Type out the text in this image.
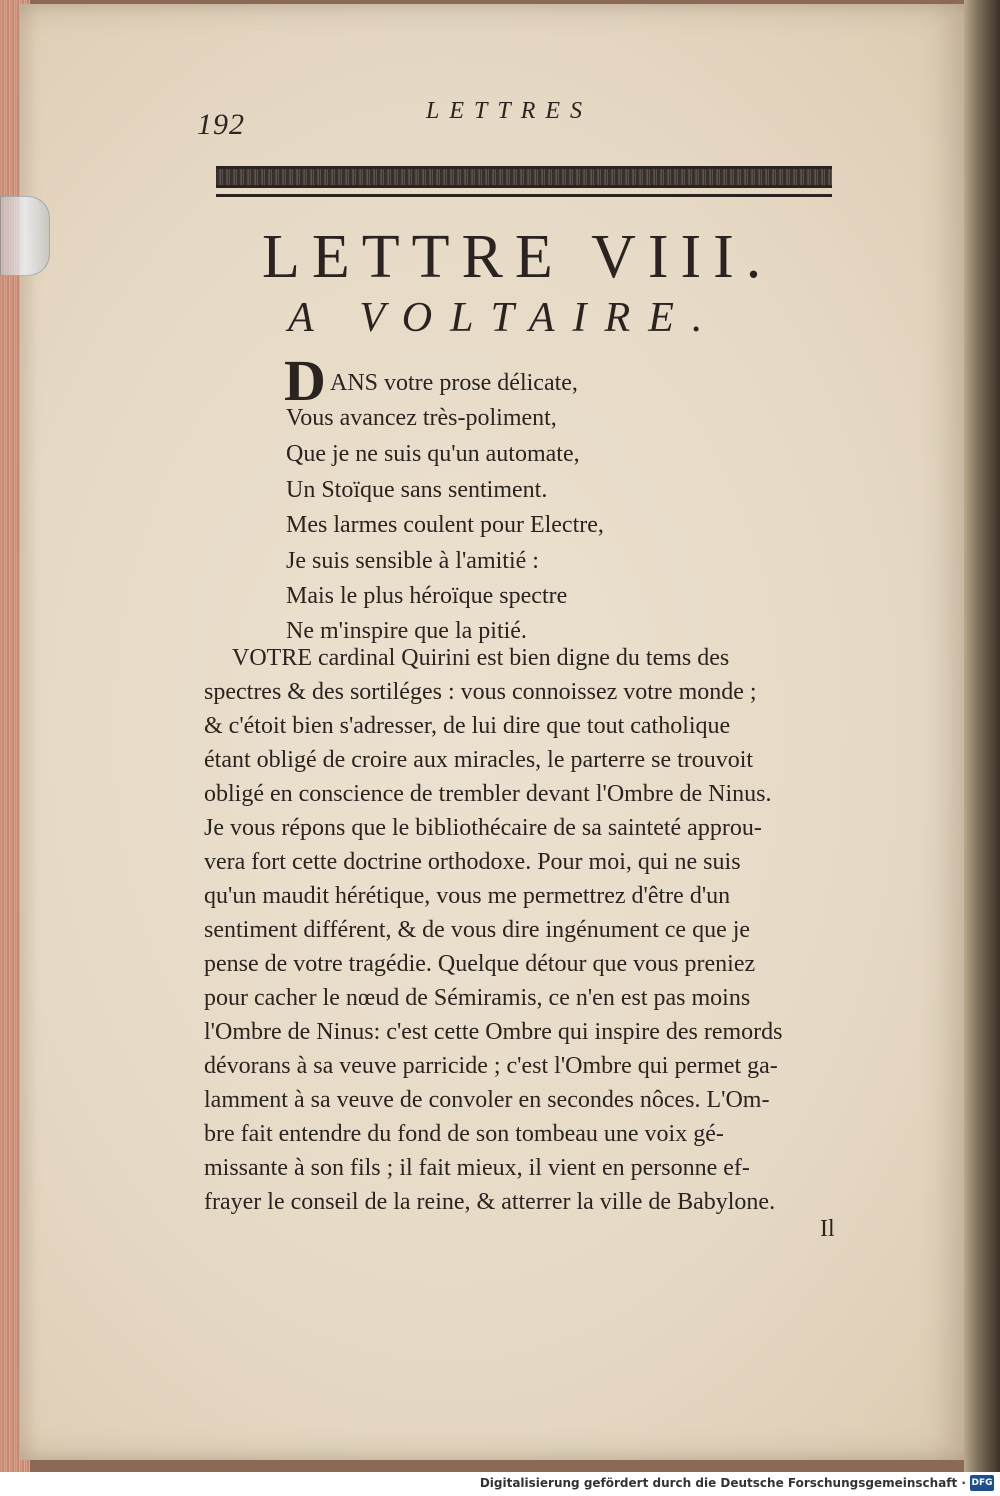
192	LETTRES
LETTRE VIII.
A VOLTAIRE.
D ANS votre prose délicate,
Vous avancez très-poliment,
Que je ne suis qu'un automate,
Un Stoïque sans sentiment.
Mes larmes coulent pour Electre,
Je suis sensible à l'amitié :
Mais le plus héroïque spectre
Ne m'inspire que la pitié.
VOTRE cardinal Quirini est bien digne du tems des
spectres & des sortiléges : vous connoissez votre monde ;
& c'étoit bien s'adresser, de lui dire que tout catholique
étant obligé de croire aux miracles, le parterre se trouvoit
obligé en conscience de trembler devant l'Ombre de Ninus.
Je vous répons que le bibliothécaire de sa sainteté approu-
vera fort cette doctrine orthodoxe. Pour moi, qui ne suis
qu'un maudit hérétique, vous me permettrez d'être d'un
sentiment différent, & de vous dire ingénument ce que je
pense de votre tragédie. Quelque détour que vous preniez
pour cacher le nœud de Sémiramis, ce n'en est pas moins
l'Ombre de Ninus: c'est cette Ombre qui inspire des remords
dévorans à sa veuve parricide ; c'est l'Ombre qui permet ga-
lamment à sa veuve de convoler en secondes nôces. L'Om-
bre fait entendre du fond de son tombeau une voix gé-
missante à son fils ; il fait mieux, il vient en personne ef-
frayer le conseil de la reine, & atterrer la ville de Babylone.
Il
Digitalisierung gefördert durch die Deutsche Forschungsgemeinschaft · DFG
